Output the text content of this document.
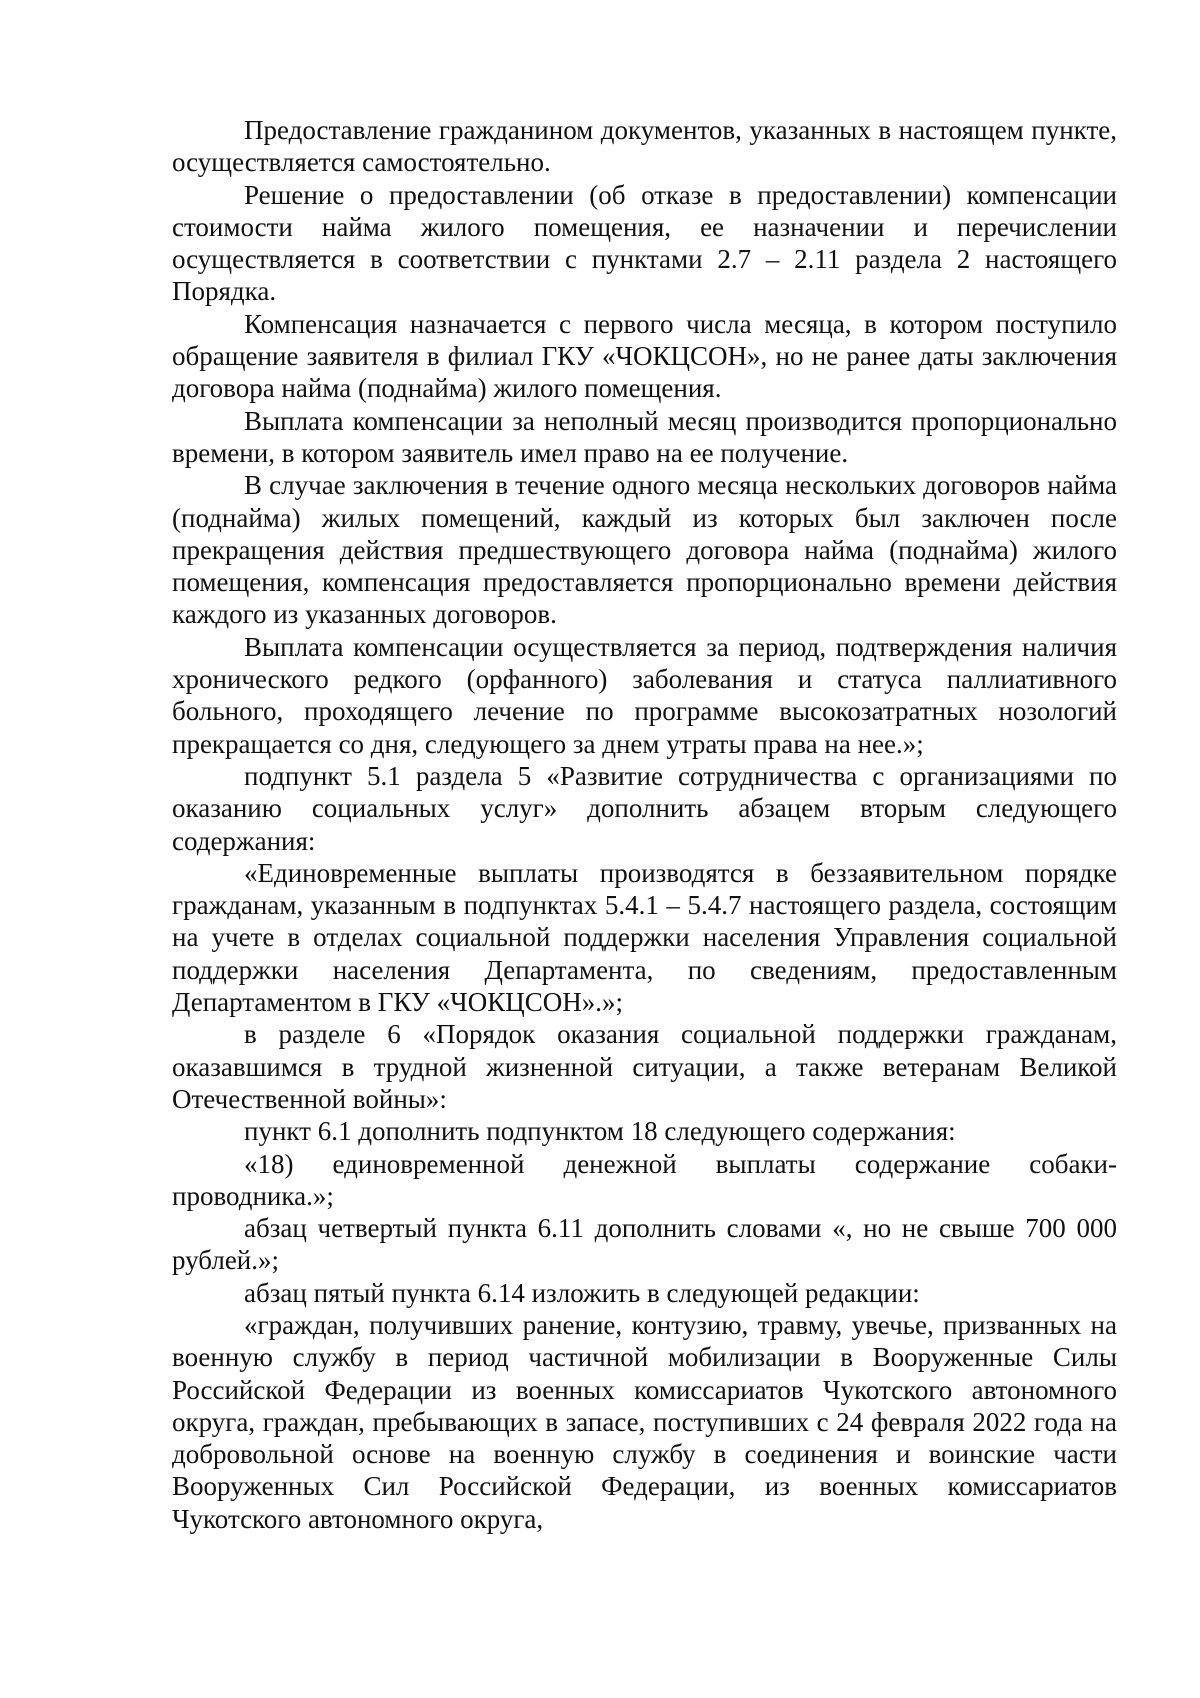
Предоставление гражданином документов, указанных в настоящем пункте, осуществляется самостоятельно.

Решение о предоставлении (об отказе в предоставлении) компенсации стоимости найма жилого помещения, ее назначении и перечислении осуществляется в соответствии с пунктами 2.7 – 2.11 раздела 2 настоящего Порядка.

Компенсация назначается с первого числа месяца, в котором поступило обращение заявителя в филиал ГКУ «ЧОКЦСОН», но не ранее даты заключения договора найма (поднайма) жилого помещения.

Выплата компенсации за неполный месяц производится пропорционально времени, в котором заявитель имел право на ее получение.

В случае заключения в течение одного месяца нескольких договоров найма (поднайма) жилых помещений, каждый из которых был заключен после прекращения действия предшествующего договора найма (поднайма) жилого помещения, компенсация предоставляется пропорционально времени действия каждого из указанных договоров.

Выплата компенсации осуществляется за период, подтверждения наличия хронического редкого (орфанного) заболевания и статуса паллиативного больного, проходящего лечение по программе высокозатратных нозологий прекращается со дня, следующего за днем утраты права на нее.»;

подпункт 5.1 раздела 5 «Развитие сотрудничества с организациями по оказанию социальных услуг» дополнить абзацем вторым следующего содержания:

«Единовременные выплаты производятся в беззаявительном порядке гражданам, указанным в подпунктах 5.4.1 – 5.4.7 настоящего раздела, состоящим на учете в отделах социальной поддержки населения Управления социальной поддержки населения Департамента, по сведениям, предоставленным Департаментом в ГКУ «ЧОКЦСОН».»;

в разделе 6 «Порядок оказания социальной поддержки гражданам, оказавшимся в трудной жизненной ситуации, а также ветеранам Великой Отечественной войны»:

пункт 6.1 дополнить подпунктом 18 следующего содержания:

«18) единовременной денежной выплаты содержание собаки-проводника.»;

абзац четвертый пункта 6.11 дополнить словами «, но не свыше 700 000 рублей.»;

абзац пятый пункта 6.14 изложить в следующей редакции:

«граждан, получивших ранение, контузию, травму, увечье, призванных на военную службу в период частичной мобилизации в Вооруженные Силы Российской Федерации из военных комиссариатов Чукотского автономного округа, граждан, пребывающих в запасе, поступивших с 24 февраля 2022 года на добровольной основе на военную службу в соединения и воинские части Вооруженных Сил Российской Федерации, из военных комиссариатов Чукотского автономного округа,
